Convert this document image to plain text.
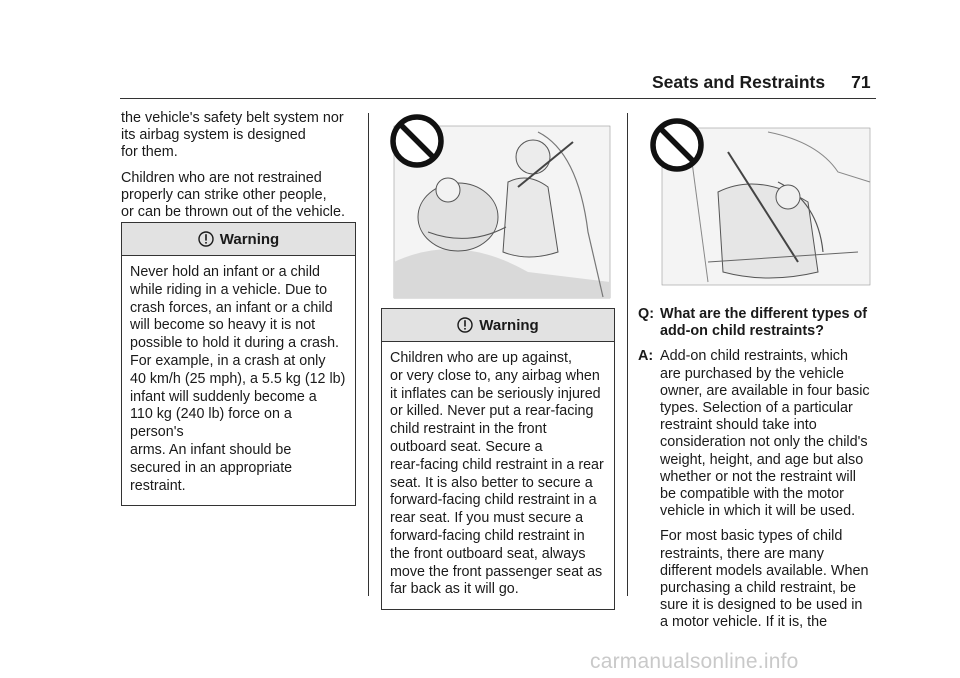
Seats and Restraints 71

the vehicle's safety belt system nor
its airbag system is designed
for them.

Children who are not restrained
properly can strike other people,
or can be thrown out of the vehicle.

Warning
Never hold an infant or a child
while riding in a vehicle. Due to
crash forces, an infant or a child
will become so heavy it is not
possible to hold it during a crash.
For example, in a crash at only
40 km/h (25 mph), a 5.5 kg (12 lb)
infant will suddenly become a
110 kg (240 lb) force on a person's
arms. An infant should be
secured in an appropriate
restraint.
Warning
Children who are up against,
or very close to, any airbag when
it inflates can be seriously injured
or killed. Never put a rear-facing
child restraint in the front
outboard seat. Secure a
rear-facing child restraint in a rear
seat. It is also better to secure a
forward-facing child restraint in a
rear seat. If you must secure a
forward-facing child restraint in
the front outboard seat, always
move the front passenger seat as
far back as it will go.
Q: What are the different types of
add-on child restraints?
A: Add-on child restraints, which
are purchased by the vehicle
owner, are available in four basic
types. Selection of a particular
restraint should take into
consideration not only the child's
weight, height, and age but also
whether or not the restraint will
be compatible with the motor
vehicle in which it will be used.
For most basic types of child
restraints, there are many
different models available. When
purchasing a child restraint, be
sure it is designed to be used in
a motor vehicle. If it is, the
carmanualsonline.info
